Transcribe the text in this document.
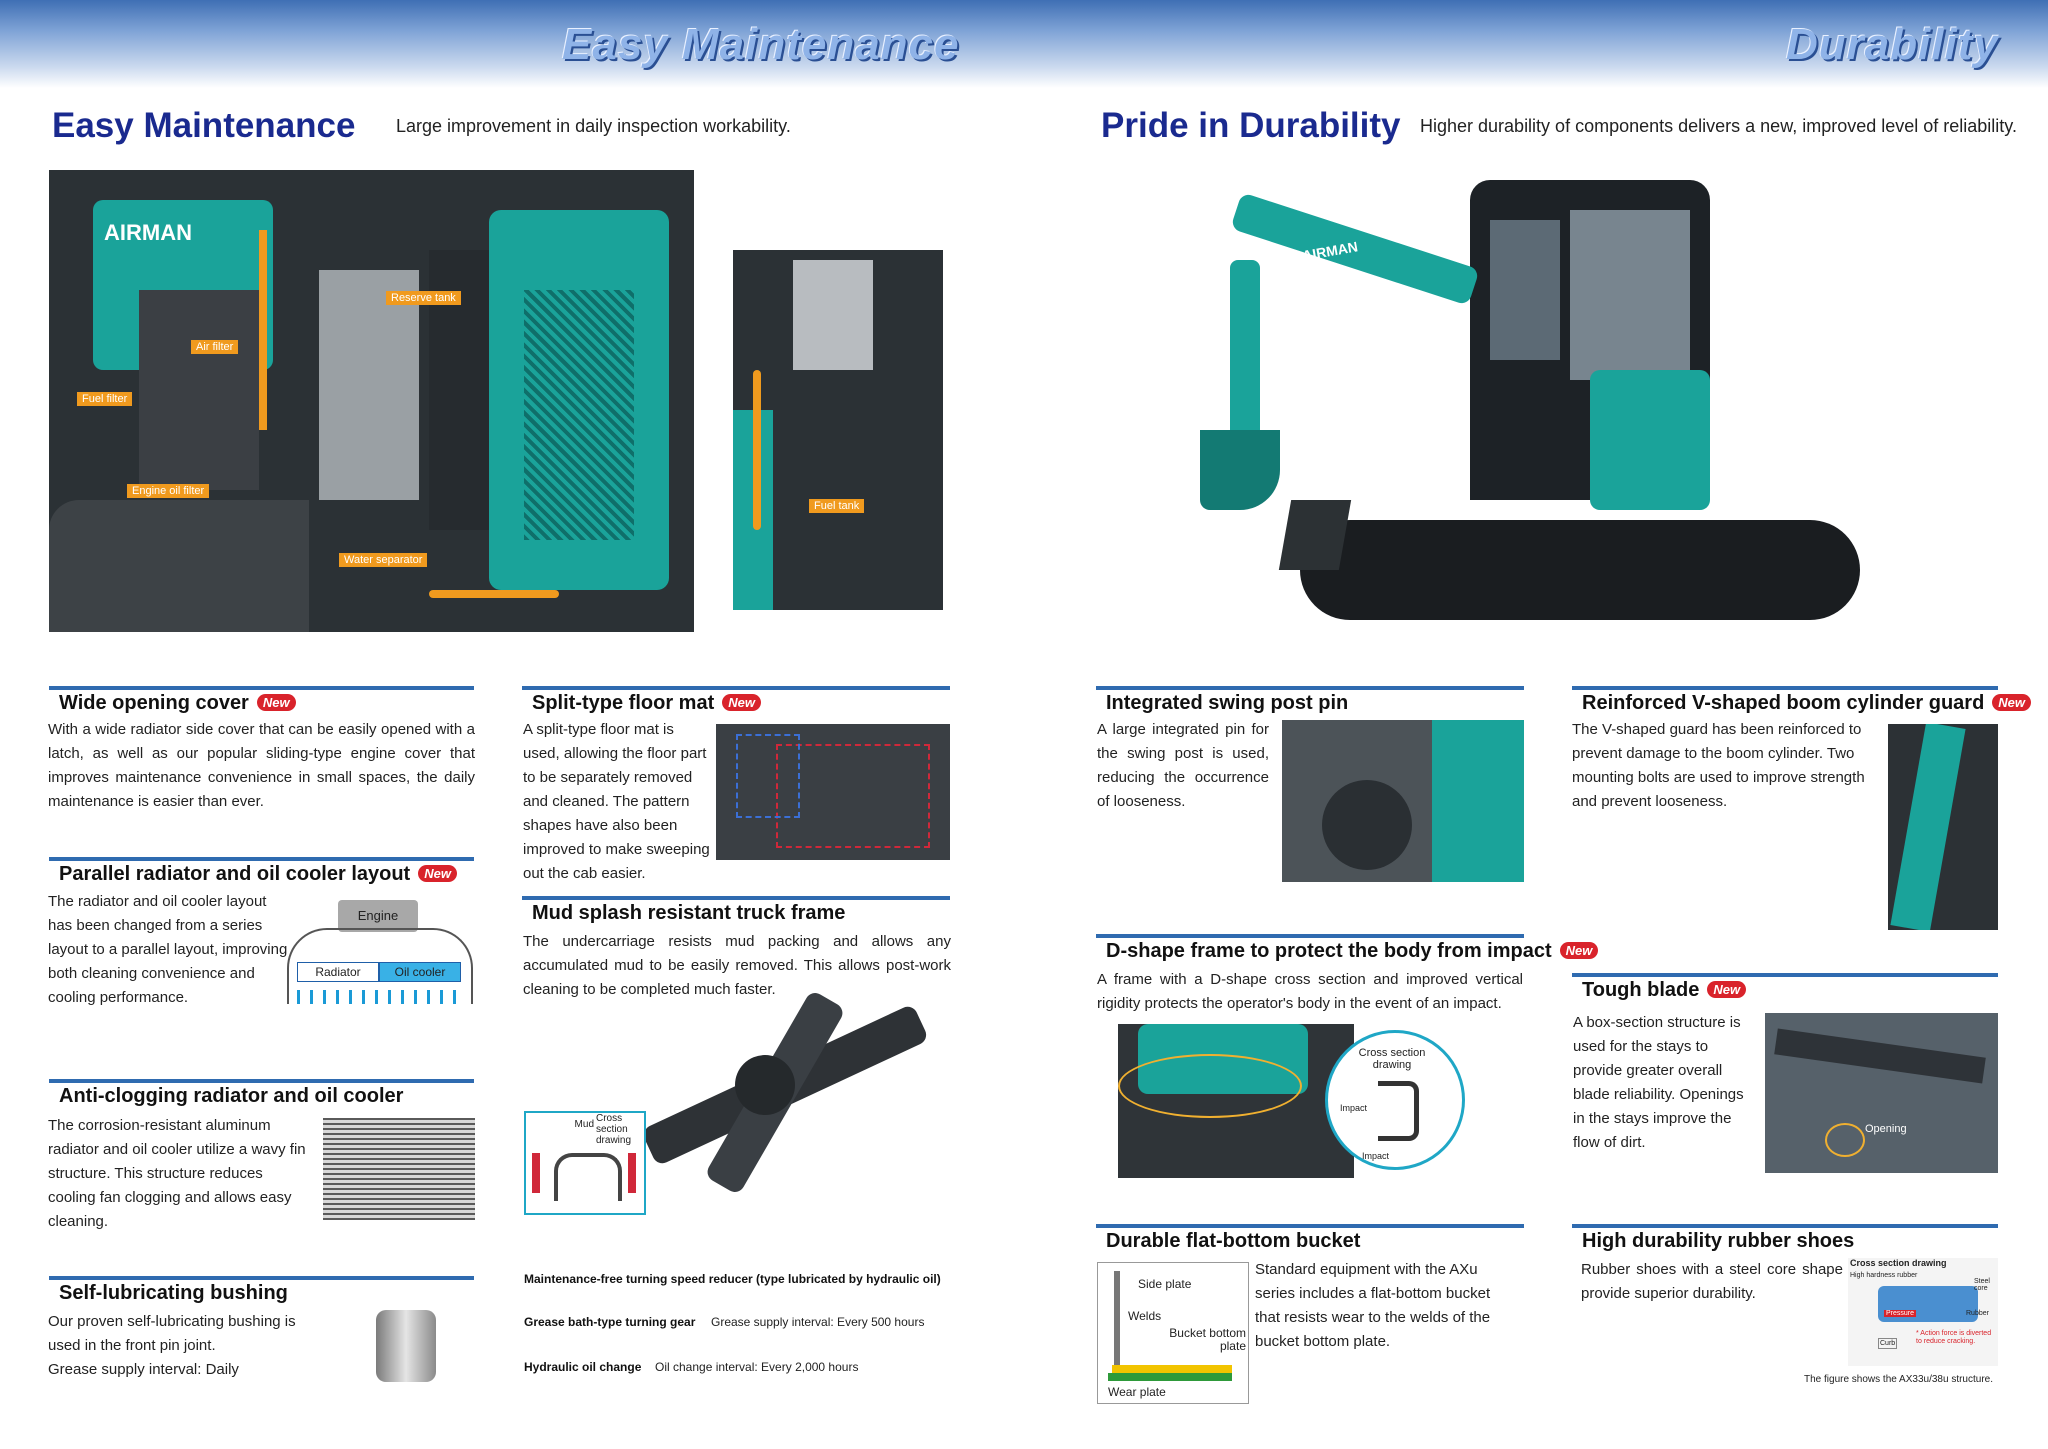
Easy Maintenance	Durability
Easy Maintenance Large improvement in daily inspection workability.
AIRMAN
Reserve tank
Air filter
Fuel filter
Engine oil filter
Water separator
Fuel tank
Wide opening cover New
With a wide radiator side cover that can be easily opened with a latch, as well as our popular sliding-type engine cover that improves maintenance convenience in small spaces, the daily maintenance is easier than ever.
Parallel radiator and oil cooler layout New
The radiator and oil cooler layout has been changed from a series layout to a parallel layout, improving both cleaning convenience and cooling performance.
Engine
Radiator	Oil cooler
Anti-clogging radiator and oil cooler
The corrosion-resistant aluminum radiator and oil cooler utilize a wavy fin structure. This structure reduces cooling fan clogging and allows easy cleaning.
Self-lubricating bushing
Our proven self-lubricating bushing is used in the front pin joint.
Grease supply interval: Daily
Split-type floor mat New
A split-type floor mat is used, allowing the floor part to be separately removed and cleaned. The pattern shapes have also been improved to make sweeping out the cab easier.
Mud splash resistant truck frame
The undercarriage resists mud packing and allows any accumulated mud to be easily removed. This allows post-work cleaning to be completed much faster.
Mud
Cross section drawing
Maintenance-free turning speed reducer (type lubricated by hydraulic oil)
Grease bath-type turning gear Grease supply interval: Every 500 hours
Hydraulic oil change Oil change interval: Every 2,000 hours
Pride in Durability Higher durability of components delivers a new, improved level of reliability.
AIRMAN
AIRMAN
Integrated swing post pin
A large integrated pin for the swing post is used, reducing the occurrence of looseness.
D-shape frame to protect the body from impact New
A frame with a D-shape cross section and improved vertical rigidity protects the operator's body in the event of an impact.
Cross section drawing
Impact
Impact
Durable flat-bottom bucket
Side plate
Welds
Bucket bottom plate
Wear plate
Standard equipment with the AXu series includes a flat-bottom bucket that resists wear to the welds of the bucket bottom plate.
Reinforced V-shaped boom cylinder guard New
The V-shaped guard has been reinforced to prevent damage to the boom cylinder. Two mounting bolts are used to improve strength and prevent looseness.
Tough blade New
A box-section structure is used for the stays to provide greater overall blade reliability. Openings in the stays improve the flow of dirt.
Opening
High durability rubber shoes
Rubber shoes with a steel core shape provide superior durability.
Cross section drawing
High hardness rubber
Steel core
Rubber
Pressure
Curb
* Action force is diverted to reduce cracking.
The figure shows the AX33u/38u structure.
